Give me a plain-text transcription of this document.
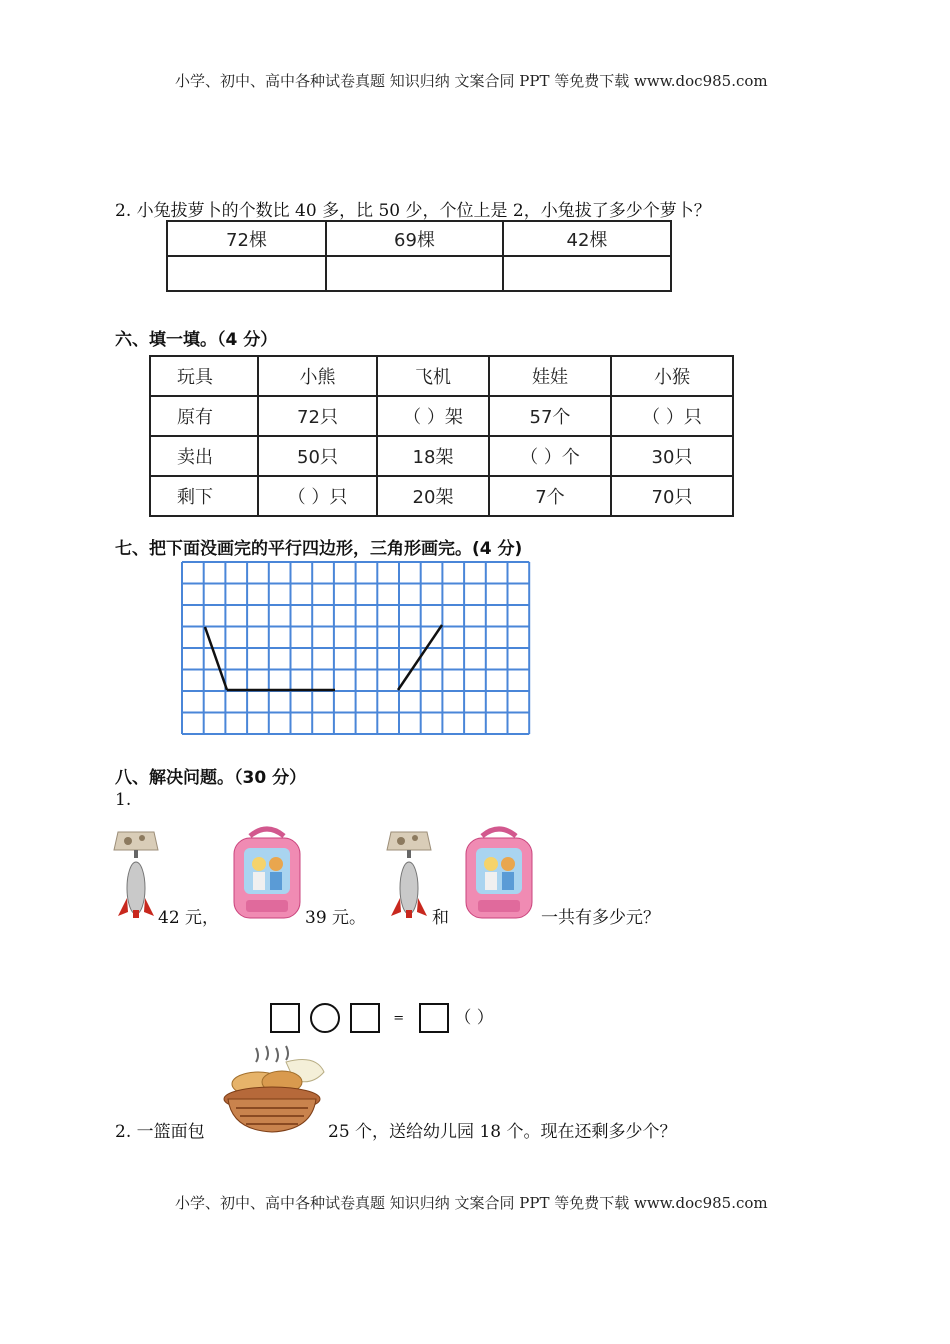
小学、初中、高中各种试卷真题 知识归纳 文案合同 PPT 等免费下载 www.doc985.com
2. 小兔拔萝卜的个数比 40 多，比 50 少，个位上是 2，小兔拔了多少个萝卜？
72棵	69棵	42棵

六、填一填。（4 分）
玩具	小熊	飞机	娃娃	小猴
原有	72只	（ ）架	57个	（ ）只
卖出	50只	18架	（ ）个	30只
剩下	（ ）只	20架	7个	70只
七、把下面没画完的平行四边形，三角形画完。(4 分)
八、解决问题。（30 分）
1.
42 元，	39 元。	和	一共有多少元？
=	（ ）
2. 一篮面包	25 个，送给幼儿园 18 个。现在还剩多少个？
小学、初中、高中各种试卷真题 知识归纳 文案合同 PPT 等免费下载 www.doc985.com
